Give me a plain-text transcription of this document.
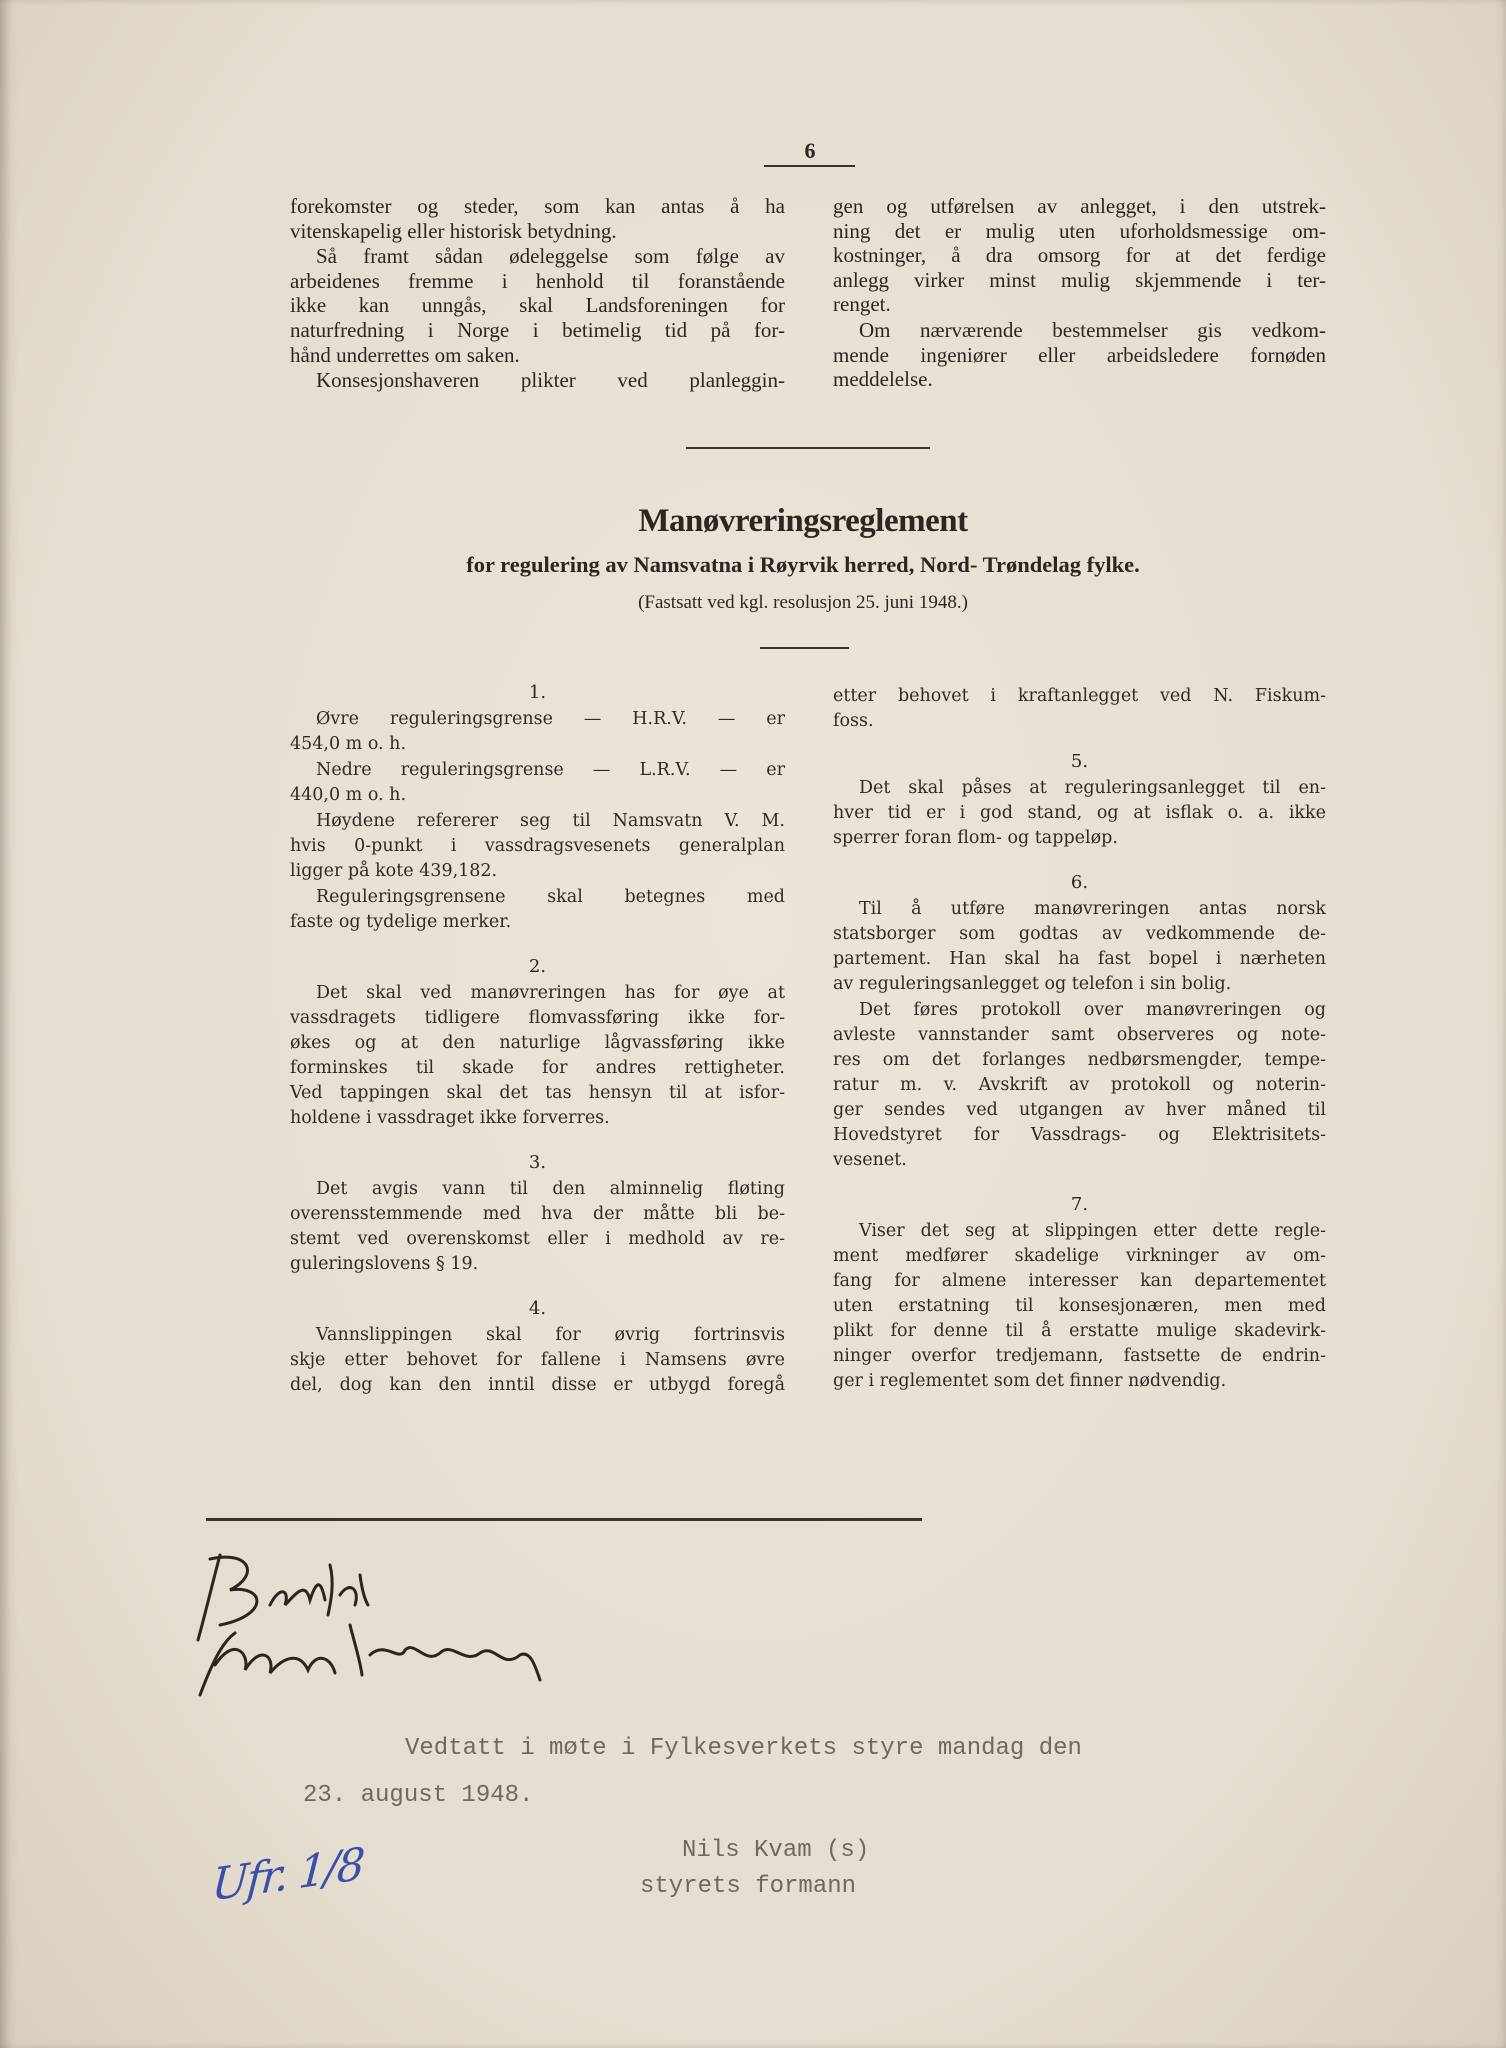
6
forekomster og steder, som kan antas å ha
vitenskapelig eller historisk betydning.
Så framt sådan ødeleggelse som følge av
arbeidenes fremme i henhold til foranstående
ikke kan unngås, skal Landsforeningen for
naturfredning i Norge i betimelig tid på for-
hånd underrettes om saken.
Konsesjonshaveren plikter ved planleggin-
gen og utførelsen av anlegget, i den utstrek-
ning det er mulig uten uforholdsmessige om-
kostninger, å dra omsorg for at det ferdige
anlegg virker minst mulig skjemmende i ter-
renget.
Om nærværende bestemmelser gis vedkom-
mende ingeniører eller arbeidsledere fornøden
meddelelse.
Manøvreringsreglement
for regulering av Namsvatna i Røyrvik herred, Nord- Trøndelag fylke.
(Fastsatt ved kgl. resolusjon 25. juni 1948.)
1.
Øvre reguleringsgrense — H.R.V. — er
454,0 m o. h.
Nedre reguleringsgrense — L.R.V. — er
440,0 m o. h.
Høydene refererer seg til Namsvatn V. M.
hvis 0-punkt i vassdragsvesenets generalplan
ligger på kote 439,182.
Reguleringsgrensene skal betegnes med
faste og tydelige merker.
2.
Det skal ved manøvreringen has for øye at
vassdragets tidligere flomvassføring ikke for-
økes og at den naturlige lågvassføring ikke
forminskes til skade for andres rettigheter.
Ved tappingen skal det tas hensyn til at isfor-
holdene i vassdraget ikke forverres.
3.
Det avgis vann til den alminnelig fløting
overensstemmende med hva der måtte bli be-
stemt ved overenskomst eller i medhold av re-
guleringslovens § 19.
4.
Vannslippingen skal for øvrig fortrinsvis
skje etter behovet for fallene i Namsens øvre
del, dog kan den inntil disse er utbygd foregå
etter behovet i kraftanlegget ved N. Fiskum-
foss.
5.
Det skal påses at reguleringsanlegget til en-
hver tid er i god stand, og at isflak o. a. ikke
sperrer foran flom- og tappeløp.
6.
Til å utføre manøvreringen antas norsk
statsborger som godtas av vedkommende de-
partement. Han skal ha fast bopel i nærheten
av reguleringsanlegget og telefon i sin bolig.
Det føres protokoll over manøvreringen og
avleste vannstander samt observeres og note-
res om det forlanges nedbørsmengder, tempe-
ratur m. v. Avskrift av protokoll og noterin-
ger sendes ved utgangen av hver måned til
Hovedstyret for Vassdrags- og Elektrisitets-
vesenet.
7.
Viser det seg at slippingen etter dette regle-
ment medfører skadelige virkninger av om-
fang for almene interesser kan departementet
uten erstatning til konsesjonæren, men med
plikt for denne til å erstatte mulige skadevirk-
ninger overfor tredjemann, fastsette de endrin-
ger i reglementet som det finner nødvendig.
Vedtatt i møte i Fylkesverkets styre mandag den
23. august 1948.
Nils Kvam (s)
styrets formann
Ufr. 1/8
